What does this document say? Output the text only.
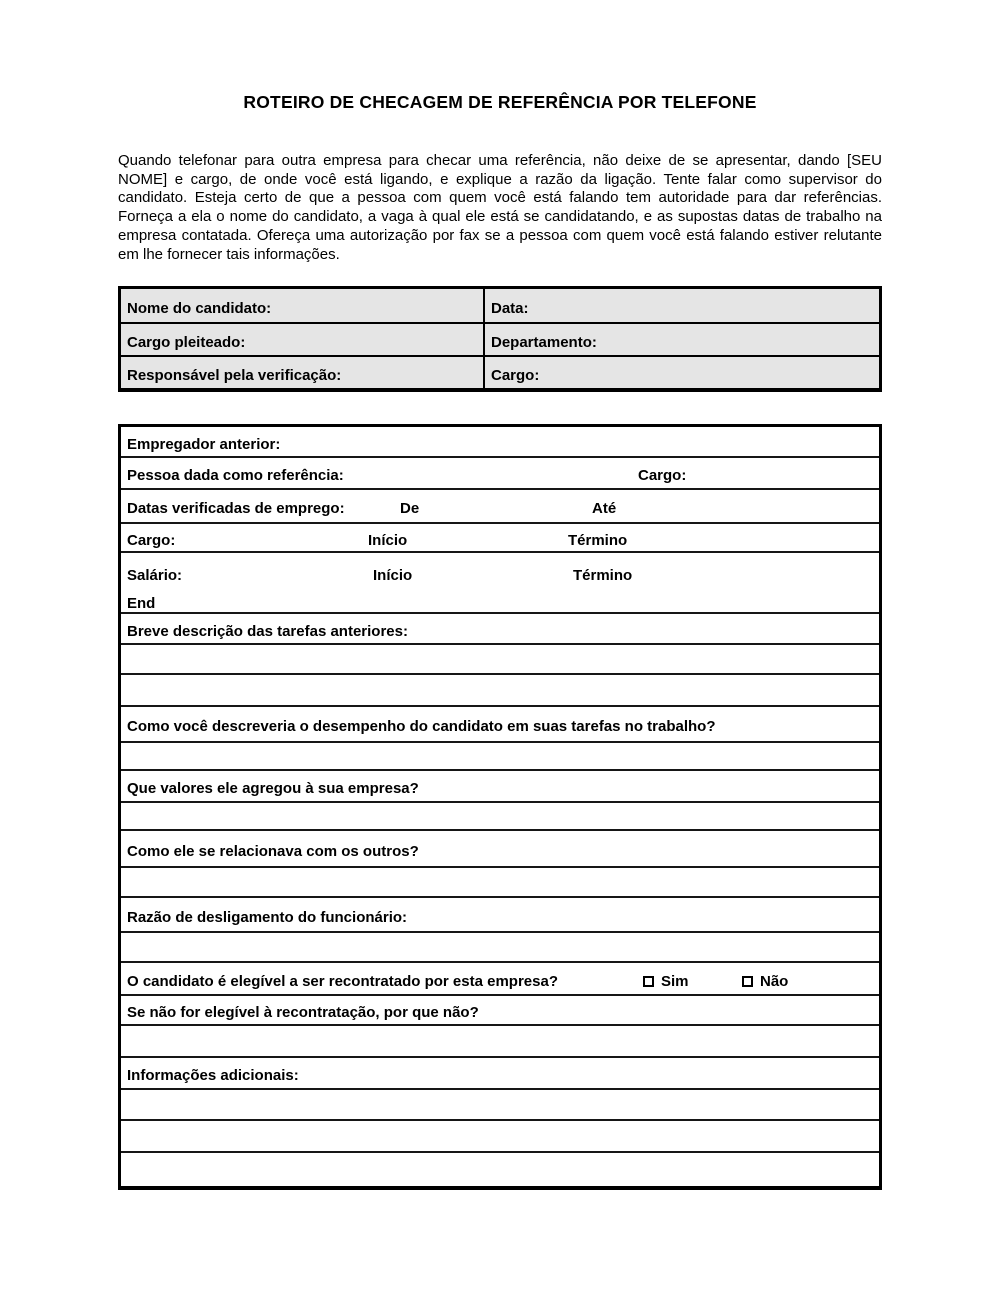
ROTEIRO DE CHECAGEM DE REFERÊNCIA POR TELEFONE

Quando telefonar para outra empresa para checar uma referência, não deixe de se apresentar, dando [SEU NOME] e cargo, de onde você está ligando, e explique a razão da ligação. Tente falar como supervisor do candidato. Esteja certo de que a pessoa com quem você está falando tem autoridade para dar referências. Forneça a ela o nome do candidato, a vaga à qual ele está se candidatando, e as supostas datas de trabalho na empresa contatada. Ofereça uma autorização por fax se a pessoa com quem você está falando estiver relutante em lhe fornecer tais informações.

Nome do candidato:	Data:
Cargo pleiteado:	Departamento:
Responsável pela verificação:	Cargo:
Empregador anterior:
Pessoa dada como referência:	Cargo:
Datas verificadas de emprego:	De	Até
Cargo:	Início	Término
Salário:	Início	Término
End
Breve descrição das tarefas anteriores:
Como você descreveria o desempenho do candidato em suas tarefas no trabalho?
Que valores ele agregou à sua empresa?
Como ele se relacionava com os outros?
Razão de desligamento do funcionário:
O candidato é elegível a ser recontratado por esta empresa?	Sim	Não
Se não for elegível à recontratação, por que não?
Informações adicionais:
